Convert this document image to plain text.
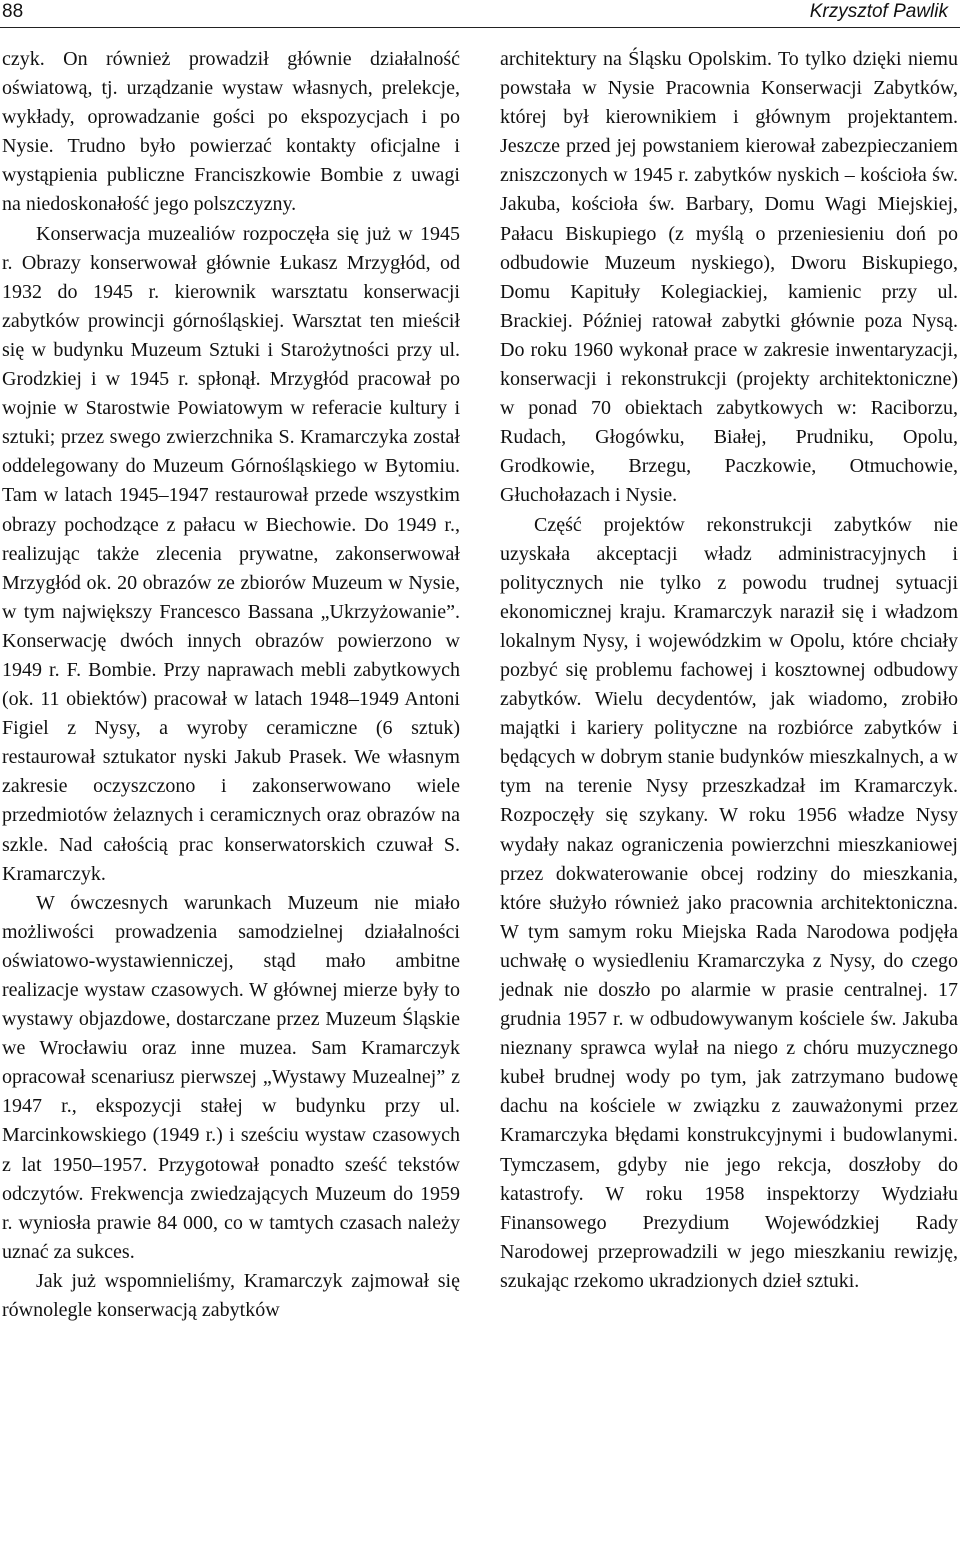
88	Krzysztof Pawlik

czyk. On również prowadził głównie działalność oświatową, tj. urządzanie wystaw własnych, prelekcje, wykłady, oprowadzanie gości po ekspozycjach i po Nysie. Trudno było powierzać kontakty oficjalne i wystąpienia publiczne Franciszkowie Bombie z uwagi na niedoskonałość jego polszczyzny.

Konserwacja muzealiów rozpoczęła się już w 1945 r. Obrazy konserwował głównie Łukasz Mrzygłód, od 1932 do 1945 r. kierownik warsztatu konserwacji zabytków prowincji górnośląskiej. Warsztat ten mieścił się w budynku Muzeum Sztuki i Starożytności przy ul. Grodzkiej i w 1945 r. spłonął. Mrzygłód pracował po wojnie w Starostwie Powiatowym w referacie kultury i sztuki; przez swego zwierzchnika S. Kramarczyka został oddelegowany do Muzeum Górnośląskiego w Bytomiu. Tam w latach 1945–1947 restaurował przede wszystkim obrazy pochodzące z pałacu w Biechowie. Do 1949 r., realizując także zlecenia prywatne, zakonserwował Mrzygłód ok. 20 obrazów ze zbiorów Muzeum w Nysie, w tym największy Francesco Bassana „Ukrzyżowanie”. Konserwację dwóch innych obrazów powierzono w 1949 r. F. Bombie. Przy naprawach mebli zabytkowych (ok. 11 obiektów) pracował w latach 1948–1949 Antoni Figiel z Nysy, a wyroby ceramiczne (6 sztuk) restaurował sztukator nyski Jakub Prasek. We własnym zakresie oczyszczono i zakonserwowano wiele przedmiotów żelaznych i ceramicznych oraz obrazów na szkle. Nad całością prac konserwatorskich czuwał S. Kramarczyk.

W ówczesnych warunkach Muzeum nie miało możliwości prowadzenia samodzielnej działalności oświatowo-wystawienniczej, stąd mało ambitne realizacje wystaw czasowych. W głównej mierze były to wystawy objazdowe, dostarczane przez Muzeum Śląskie we Wrocławiu oraz inne muzea. Sam Kramarczyk opracował scenariusz pierwszej „Wystawy Muzealnej” z 1947 r., ekspozycji stałej w budynku przy ul. Marcinkowskiego (1949 r.) i sześciu wystaw czasowych z lat 1950–1957. Przygotował ponadto sześć tekstów odczytów. Frekwencja zwiedzających Muzeum do 1959 r. wyniosła prawie 84 000, co w tamtych czasach należy uznać za sukces.

Jak już wspomnieliśmy, Kramarczyk zajmował się równolegle konserwacją zabytków

architektury na Śląsku Opolskim. To tylko dzięki niemu powstała w Nysie Pracownia Konserwacji Zabytków, której był kierownikiem i głównym projektantem. Jeszcze przed jej powstaniem kierował zabezpieczaniem zniszczonych w 1945 r. zabytków nyskich – kościoła św. Jakuba, kościoła św. Barbary, Domu Wagi Miejskiej, Pałacu Biskupiego (z myślą o przeniesieniu doń po odbudowie Muzeum nyskiego), Dworu Biskupiego, Domu Kapituły Kolegiackiej, kamienic przy ul. Brackiej. Później ratował zabytki głównie poza Nysą. Do roku 1960 wykonał prace w zakresie inwentaryzacji, konserwacji i rekonstrukcji (projekty architektoniczne) w ponad 70 obiektach zabytkowych w: Raciborzu, Rudach, Głogówku, Białej, Prudniku, Opolu, Grodkowie, Brzegu, Paczkowie, Otmuchowie, Głuchołazach i Nysie.

Część projektów rekonstrukcji zabytków nie uzyskała akceptacji władz administracyjnych i politycznych nie tylko z powodu trudnej sytuacji ekonomicznej kraju. Kramarczyk naraził się i władzom lokalnym Nysy, i wojewódzkim w Opolu, które chciały pozbyć się problemu fachowej i kosztownej odbudowy zabytków. Wielu decydentów, jak wiadomo, zrobiło majątki i kariery polityczne na rozbiórce zabytków i będących w dobrym stanie budynków mieszkalnych, a w tym na terenie Nysy przeszkadzał im Kramarczyk. Rozpoczęły się szykany. W roku 1956 władze Nysy wydały nakaz ograniczenia powierzchni mieszkaniowej przez dokwaterowanie obcej rodziny do mieszkania, które służyło również jako pracownia architektoniczna. W tym samym roku Miejska Rada Narodowa podjęła uchwałę o wysiedleniu Kramarczyka z Nysy, do czego jednak nie doszło po alarmie w prasie centralnej. 17 grudnia 1957 r. w odbudowywanym kościele św. Jakuba nieznany sprawca wylał na niego z chóru muzycznego kubeł brudnej wody po tym, jak zatrzymano budowę dachu na kościele w związku z zauważonymi przez Kramarczyka błędami konstrukcyjnymi i budowlanymi. Tymczasem, gdyby nie jego rekcja, doszłoby do katastrofy. W roku 1958 inspektorzy Wydziału Finansowego Prezydium Wojewódzkiej Rady Narodowej przeprowadzili w jego mieszkaniu rewizję, szukając rzekomo ukradzionych dzieł sztuki.
